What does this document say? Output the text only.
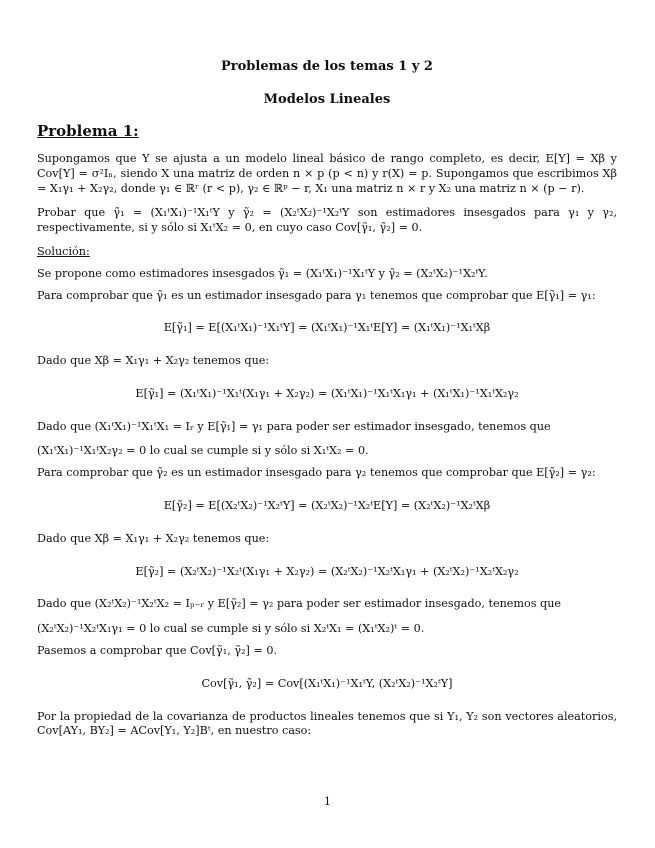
Problemas de los temas 1 y 2
Modelos Lineales
Problema 1:
Supongamos que Y se ajusta a un modelo lineal básico de rango completo, es decir, E[Y] = Xβ y Cov[Y] = σ²Iₙ, siendo X una matriz de orden n × p (p < n) y r(X) = p. Supongamos que escribimos Xβ = X₁γ₁ + X₂γ₂, donde γ₁ ∈ ℝʳ (r < p), γ₂ ∈ ℝᵖ − r, X₁ una matriz n × r y X₂ una matriz n × (p − r).
Probar que γ̃₁ = (X₁ᵗX₁)⁻¹X₁ᵗY y γ̃₂ = (X₂ᵗX₂)⁻¹X₂ᵗY son estimadores insesgados para γ₁ y γ₂, respectivamente, si y sólo si X₁ᵗX₂ = 0, en cuyo caso Cov[γ̃₁, γ̃₂] = 0.
Solución:
Se propone como estimadores insesgados γ̃₁ = (X₁ᵗX₁)⁻¹X₁ᵗY y γ̃₂ = (X₂ᵗX₂)⁻¹X₂ᵗY.
Para comprobar que γ̃₁ es un estimador insesgado para γ₁ tenemos que comprobar que E[γ̃₁] = γ₁:
E[γ̃₁] = E[(X₁ᵗX₁)⁻¹X₁ᵗY] = (X₁ᵗX₁)⁻¹X₁ᵗE[Y] = (X₁ᵗX₁)⁻¹X₁ᵗXβ
Dado que Xβ = X₁γ₁ + X₂γ₂ tenemos que:
E[γ̃₁] = (X₁ᵗX₁)⁻¹X₁ᵗ(X₁γ₁ + X₂γ₂) = (X₁ᵗX₁)⁻¹X₁ᵗX₁γ₁ + (X₁ᵗX₁)⁻¹X₁ᵗX₂γ₂
Dado que (X₁ᵗX₁)⁻¹X₁ᵗX₁ = Iᵣ y E[γ̃₁] = γ₁ para poder ser estimador insesgado, tenemos que
(X₁ᵗX₁)⁻¹X₁ᵗX₂γ₂ = 0 lo cual se cumple si y sólo si X₁ᵗX₂ = 0.
Para comprobar que γ̃₂ es un estimador insesgado para γ₂ tenemos que comprobar que E[γ̃₂] = γ₂:
E[γ̃₂] = E[(X₂ᵗX₂)⁻¹X₂ᵗY] = (X₂ᵗX₂)⁻¹X₂ᵗE[Y] = (X₂ᵗX₂)⁻¹X₂ᵗXβ
Dado que Xβ = X₁γ₁ + X₂γ₂ tenemos que:
E[γ̃₂] = (X₂ᵗX₂)⁻¹X₂ᵗ(X₁γ₁ + X₂γ₂) = (X₂ᵗX₂)⁻¹X₂ᵗX₁γ₁ + (X₂ᵗX₂)⁻¹X₂ᵗX₂γ₂
Dado que (X₂ᵗX₂)⁻¹X₂ᵗX₂ = Iₚ₋ᵣ y E[γ̃₂] = γ₂ para poder ser estimador insesgado, tenemos que
(X₂ᵗX₂)⁻¹X₂ᵗX₁γ₁ = 0 lo cual se cumple si y sólo si X₂ᵗX₁ = (X₁ᵗX₂)ᵗ = 0.
Pasemos a comprobar que Cov[γ̃₁, γ̃₂] = 0.
Cov[γ̃₁, γ̃₂] = Cov[(X₁ᵗX₁)⁻¹X₁ᵗY, (X₂ᵗX₂)⁻¹X₂ᵗY]
Por la propiedad de la covarianza de productos lineales tenemos que si Y₁, Y₂ son vectores aleatorios, Cov[AY₁, BY₂] = ACov[Y₁, Y₂]Bᵗ, en nuestro caso:
1
